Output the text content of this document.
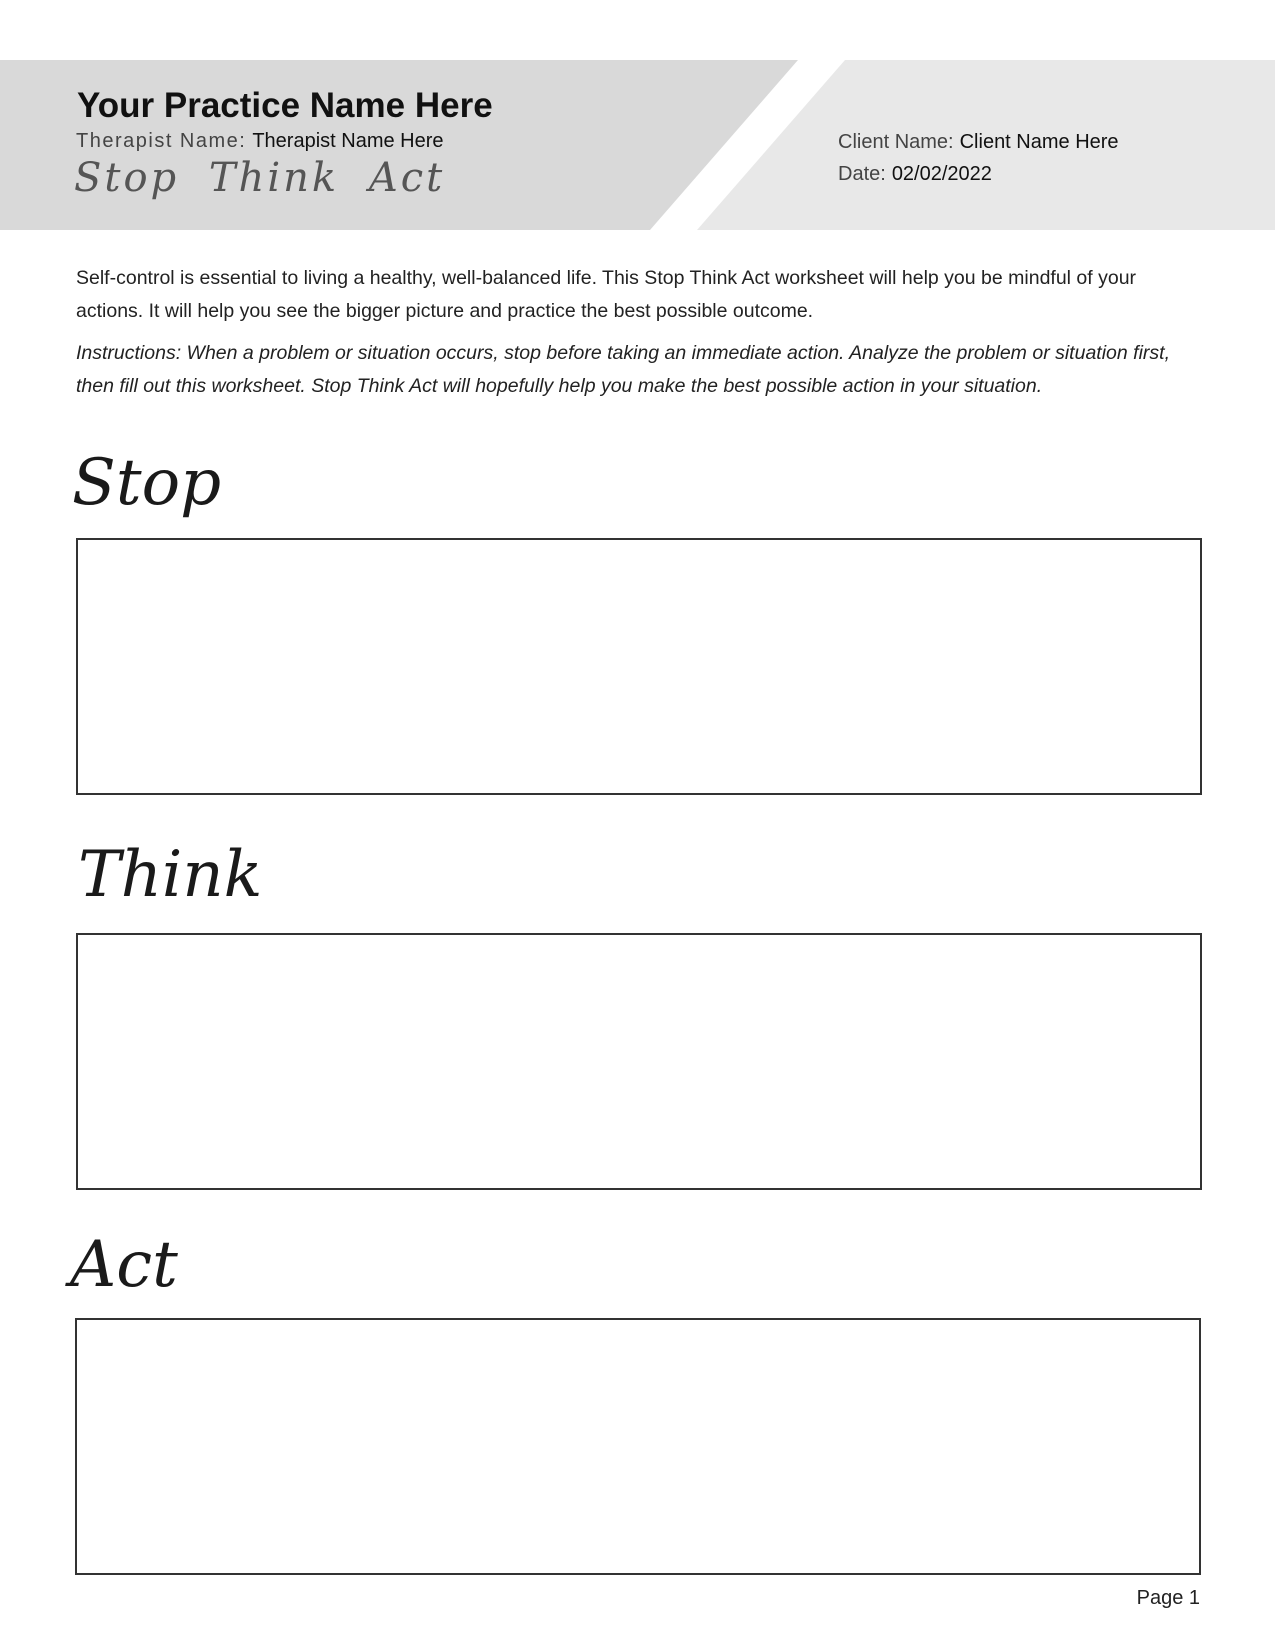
Your Practice Name Here
Therapist Name: Therapist Name Here
Stop Think Act
Client Name: Client Name Here
Date: 02/02/2022

Self-control is essential to living a healthy, well-balanced life. This Stop Think Act worksheet will help you be mindful of your actions. It will help you see the bigger picture and practice the best possible outcome.

Instructions: When a problem or situation occurs, stop before taking an immediate action. Analyze the problem or situation first, then fill out this worksheet. Stop Think Act will hopefully help you make the best possible action in your situation.

Stop
Think
Act
Page 1
